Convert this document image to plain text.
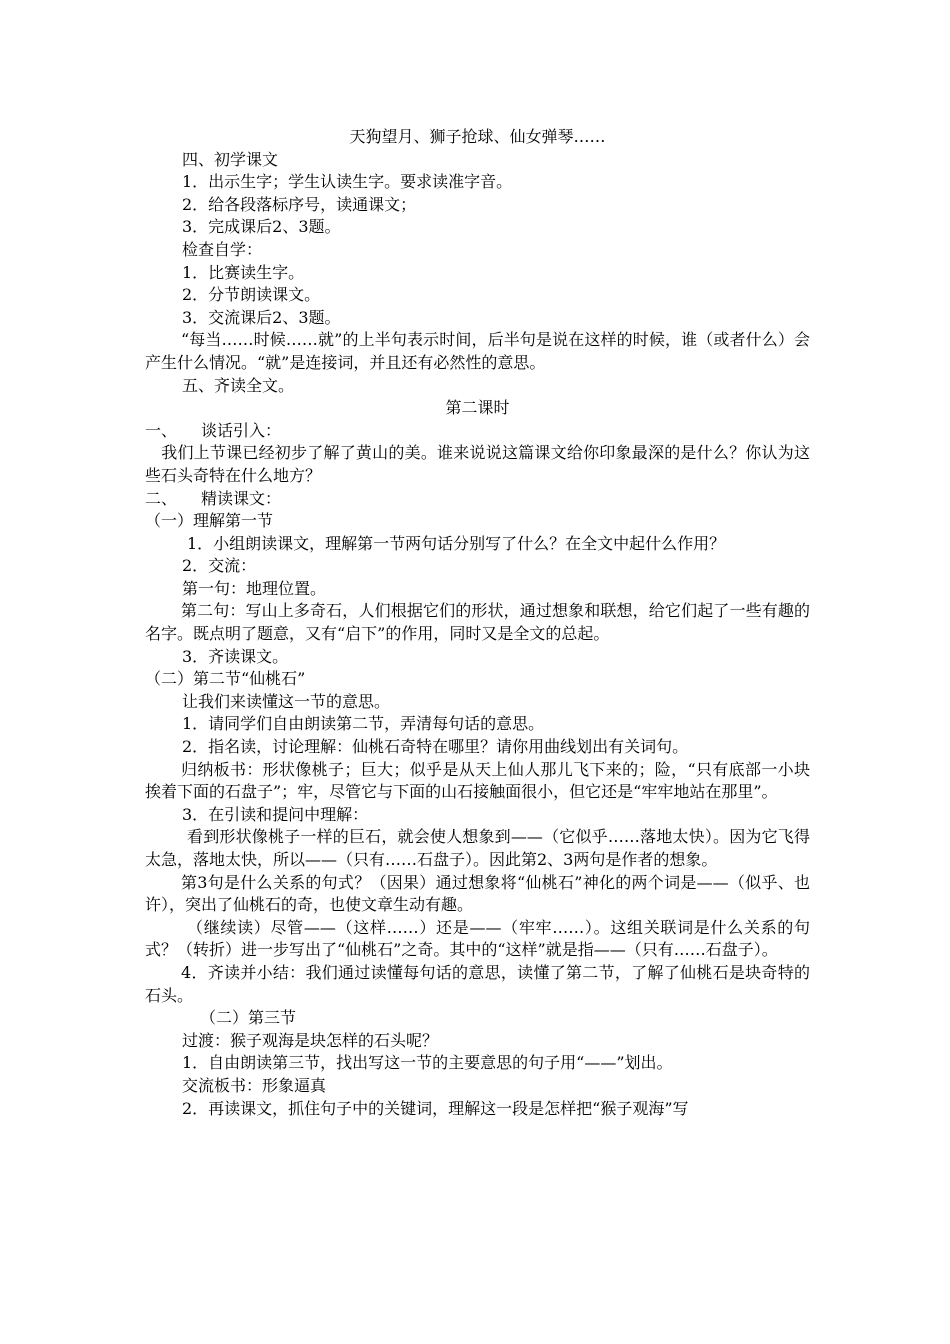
天狗望月、狮子抢球、仙女弹琴……

四、初学课文

1．出示生字；学生认读生字。要求读准字音。

2．给各段落标序号，读通课文；

3．完成课后2、3题。

检查自学：

1．比赛读生字。

2．分节朗读课文。

3．交流课后2、3题。

“每当……时候……就”的上半句表示时间，后半句是说在这样的时候，谁（或者什么）会产生什么情况。“就”是连接词，并且还有必然性的意思。

五、齐读全文。

第二课时

一、　　谈话引入：

　我们上节课已经初步了解了黄山的美。谁来说说这篇课文给你印象最深的是什么？你认为这些石头奇特在什么地方？

二、　　精读课文：

（一）理解第一节

1．小组朗读课文，理解第一节两句话分别写了什么？在全文中起什么作用？

2．交流：

第一句：地理位置。

第二句：写山上多奇石，人们根据它们的形状，通过想象和联想，给它们起了一些有趣的名字。既点明了题意，又有“启下”的作用，同时又是全文的总起。

3．齐读课文。

（二）第二节“仙桃石”

让我们来读懂这一节的意思。

1．请同学们自由朗读第二节，弄清每句话的意思。

2．指名读，讨论理解：仙桃石奇特在哪里？请你用曲线划出有关词句。

归纳板书：形状像桃子；巨大；似乎是从天上仙人那儿飞下来的；险，“只有底部一小块挨着下面的石盘子”；牢，尽管它与下面的山石接触面很小，但它还是“牢牢地站在那里”。

3．在引读和提问中理解：

看到形状像桃子一样的巨石，就会使人想象到——（它似乎……落地太快）。因为它飞得太急，落地太快，所以——（只有……石盘子）。因此第2、3两句是作者的想象。

第3句是什么关系的句式？（因果）通过想象将“仙桃石”神化的两个词是——（似乎、也许），突出了仙桃石的奇，也使文章生动有趣。

（继续读）尽管——（这样……）还是——（牢牢……）。这组关联词是什么关系的句式？（转折）进一步写出了“仙桃石”之奇。其中的“这样”就是指——（只有……石盘子）。

4．齐读并小结：我们通过读懂每句话的意思，读懂了第二节，了解了仙桃石是块奇特的石头。

（二）第三节

过渡：猴子观海是块怎样的石头呢？

1．自由朗读第三节，找出写这一节的主要意思的句子用“——”划出。

交流板书：形象逼真

2．再读课文，抓住句子中的关键词，理解这一段是怎样把“猴子观海”写
